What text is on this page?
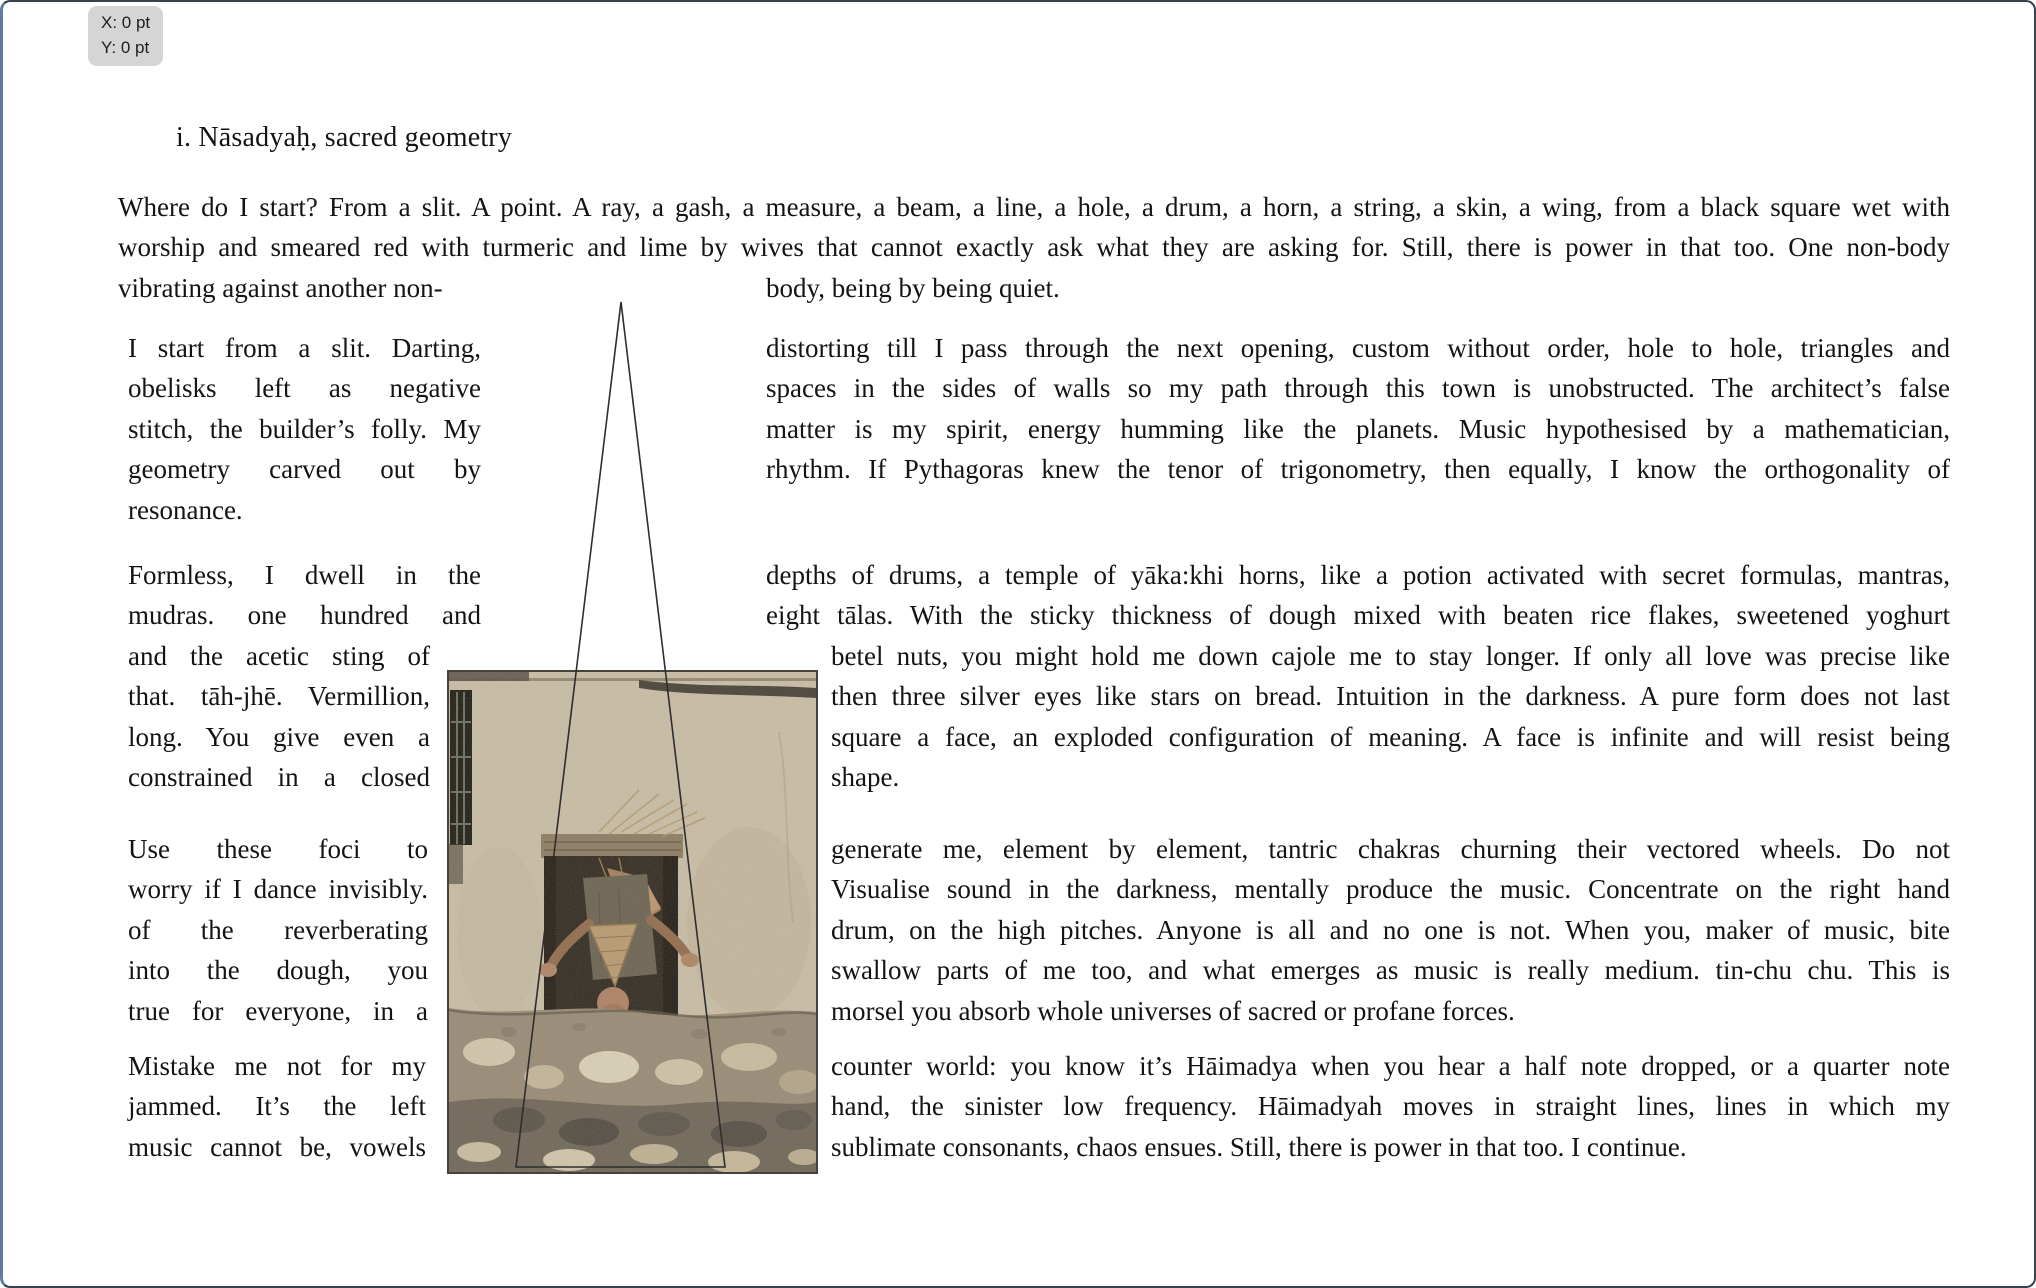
X: 0 pt
Y: 0 pt
i. Nāsadyaḥ, sacred geometry
Where do I start? From a slit. A point. A ray, a gash, a measure, a beam, a line, a hole, a drum, a horn, a string, a skin, a wing, from a black square wet with
worship and smeared red with turmeric and lime by wives that cannot exactly ask what they are asking for. Still, there is power in that too. One non-body
vibrating against another non-	body, being by being quiet.
I start from a slit. Darting,
obelisks left as negative
stitch, the builder’s folly. My
geometry carved out by
resonance.
Formless, I dwell in the
mudras. one hundred and
and the acetic sting of
that. tāh-jhē. Vermillion,
long. You give even a
constrained in a closed
Use these foci to
worry if I dance invisibly.
of the reverberating
into the dough, you
true for everyone, in a
Mistake me not for my
jammed. It’s the left
music cannot be, vowels
distorting till I pass through the next opening, custom without order, hole to hole, triangles and
spaces in the sides of walls so my path through this town is unobstructed. The architect’s false
matter is my spirit, energy humming like the planets. Music hypothesised by a mathematician,
rhythm. If Pythagoras knew the tenor of trigonometry, then equally, I know the orthogonality of
depths of drums, a temple of yāka:khi horns, like a potion activated with secret formulas, mantras,
eight tālas. With the sticky thickness of dough mixed with beaten rice flakes, sweetened yoghurt
betel nuts, you might hold me down cajole me to stay longer. If only all love was precise like
then three silver eyes like stars on bread. Intuition in the darkness. A pure form does not last
square a face, an exploded configuration of meaning. A face is infinite and will resist being
shape.
generate me, element by element, tantric chakras churning their vectored wheels. Do not
Visualise sound in the darkness, mentally produce the music. Concentrate on the right hand
drum, on the high pitches. Anyone is all and no one is not. When you, maker of music, bite
swallow parts of me too, and what emerges as music is really medium. tin-chu chu. This is
morsel you absorb whole universes of sacred or profane forces.
counter world: you know it’s Hāimadya when you hear a half note dropped, or a quarter note
hand, the sinister low frequency. Hāimadyah moves in straight lines, lines in which my
sublimate consonants, chaos ensues. Still, there is power in that too. I continue.
